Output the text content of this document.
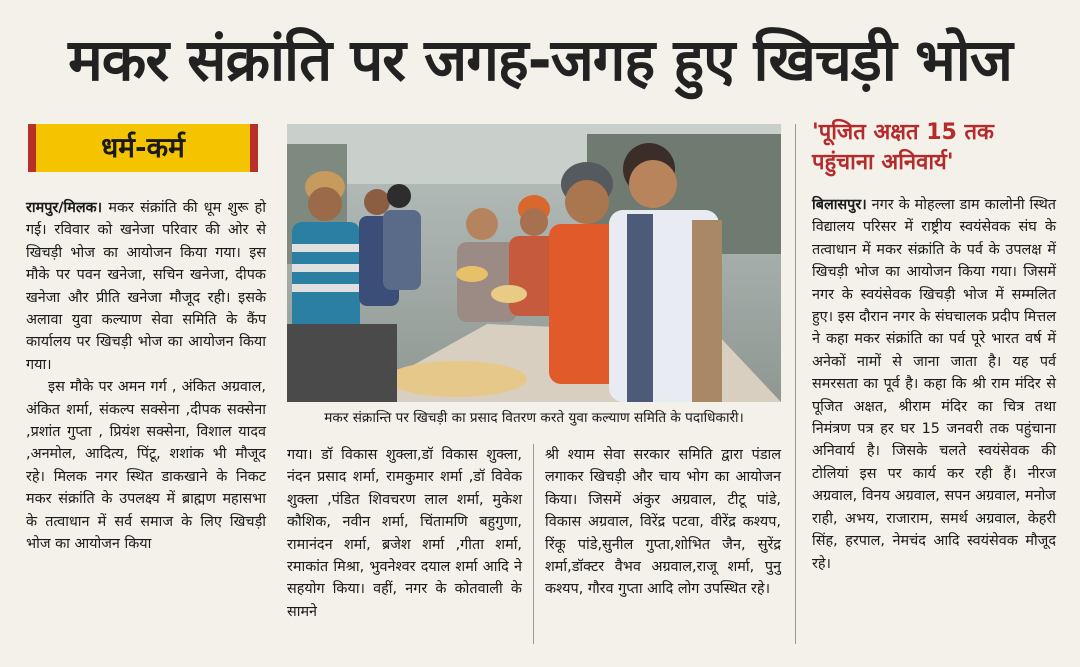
मकर संक्रांति पर जगह-जगह हुए खिचड़ी भोज
धर्म-कर्म

रामपुर/मिलक। मकर संक्रांति की धूम शुरू हो गई। रविवार को खनेजा परिवार की ओर से खिचड़ी भोज का आयोजन किया गया। इस मौके पर पवन खनेजा, सचिन खनेजा, दीपक खनेजा और प्रीति खनेजा मौजूद रही। इसके अलावा युवा कल्याण सेवा समिति के कैंप कार्यालय पर खिचड़ी भोज का आयोजन किया गया।

इस मौके पर अमन गर्ग , अंकित अग्रवाल, अंकित शर्मा, संकल्प सक्सेना ,दीपक सक्सेना ,प्रशांत गुप्ता , प्रियंश सक्सेना, विशाल यादव ,अनमोल, आदित्य, पिंटू, शशांक भी मौजूद रहे। मिलक नगर स्थित डाकखाने के निकट मकर संक्रांति के उपलक्ष्य में ब्राह्मण महासभा के तत्वाधान में सर्व समाज के लिए खिचड़ी भोज का आयोजन किया

मकर संक्रान्ति पर खिचड़ी का प्रसाद वितरण करते युवा कल्याण समिति के पदाधिकारी।

गया। डॉ विकास शुक्ला,डॉ विकास शुक्ला, नंदन प्रसाद शर्मा, रामकुमार शर्मा ,डॉ विवेक शुक्ला ,पंडित शिवचरण लाल शर्मा, मुकेश कौशिक, नवीन शर्मा, चिंतामणि बहुगुणा, रामानंदन शर्मा, ब्रजेश शर्मा ,गीता शर्मा, रमाकांत मिश्रा, भुवनेश्वर दयाल शर्मा आदि ने सहयोग किया। वहीं, नगर के कोतवाली के सामने

श्री श्याम सेवा सरकार समिति द्वारा पंडाल लगाकर खिचड़ी और चाय भोग का आयोजन किया। जिसमें अंकुर अग्रवाल, टीटू पांडे, विकास अग्रवाल, विरेंद्र पटवा, वीरेंद्र कश्यप, रिंकू पांडे,सुनील गुप्ता,शोभित जैन, सुरेंद्र शर्मा,डॉक्टर वैभव अग्रवाल,राजू शर्मा, पुनु कश्यप, गौरव गुप्ता आदि लोग उपस्थित रहे।

'पूजित अक्षत 15 तक पहुंचाना अनिवार्य'

बिलासपुर। नगर के मोहल्ला डाम कालोनी स्थित विद्यालय परिसर में राष्ट्रीय स्वयंसेवक संघ के तत्वाधान में मकर संक्रांति के पर्व के उपलक्ष में खिचड़ी भोज का आयोजन किया गया। जिसमें नगर के स्वयंसेवक खिचड़ी भोज में सम्मलित हुए। इस दौरान नगर के संघचालक प्रदीप मित्तल ने कहा मकर संक्रांति का पर्व पूरे भारत वर्ष में अनेकों नामों से जाना जाता है। यह पर्व समरसता का पूर्व है। कहा कि श्री राम मंदिर से पूजित अक्षत, श्रीराम मंदिर का चित्र तथा निमंत्रण पत्र हर घर 15 जनवरी तक पहुंचाना अनिवार्य है। जिसके चलते स्वयंसेवक की टोलियां इस पर कार्य कर रही हैं। नीरज अग्रवाल, विनय अग्रवाल, सपन अग्रवाल, मनोज राही, अभय, राजाराम, समर्थ अग्रवाल, केहरी सिंह, हरपाल, नेमचंद आदि स्वयंसेवक मौजूद रहे।
